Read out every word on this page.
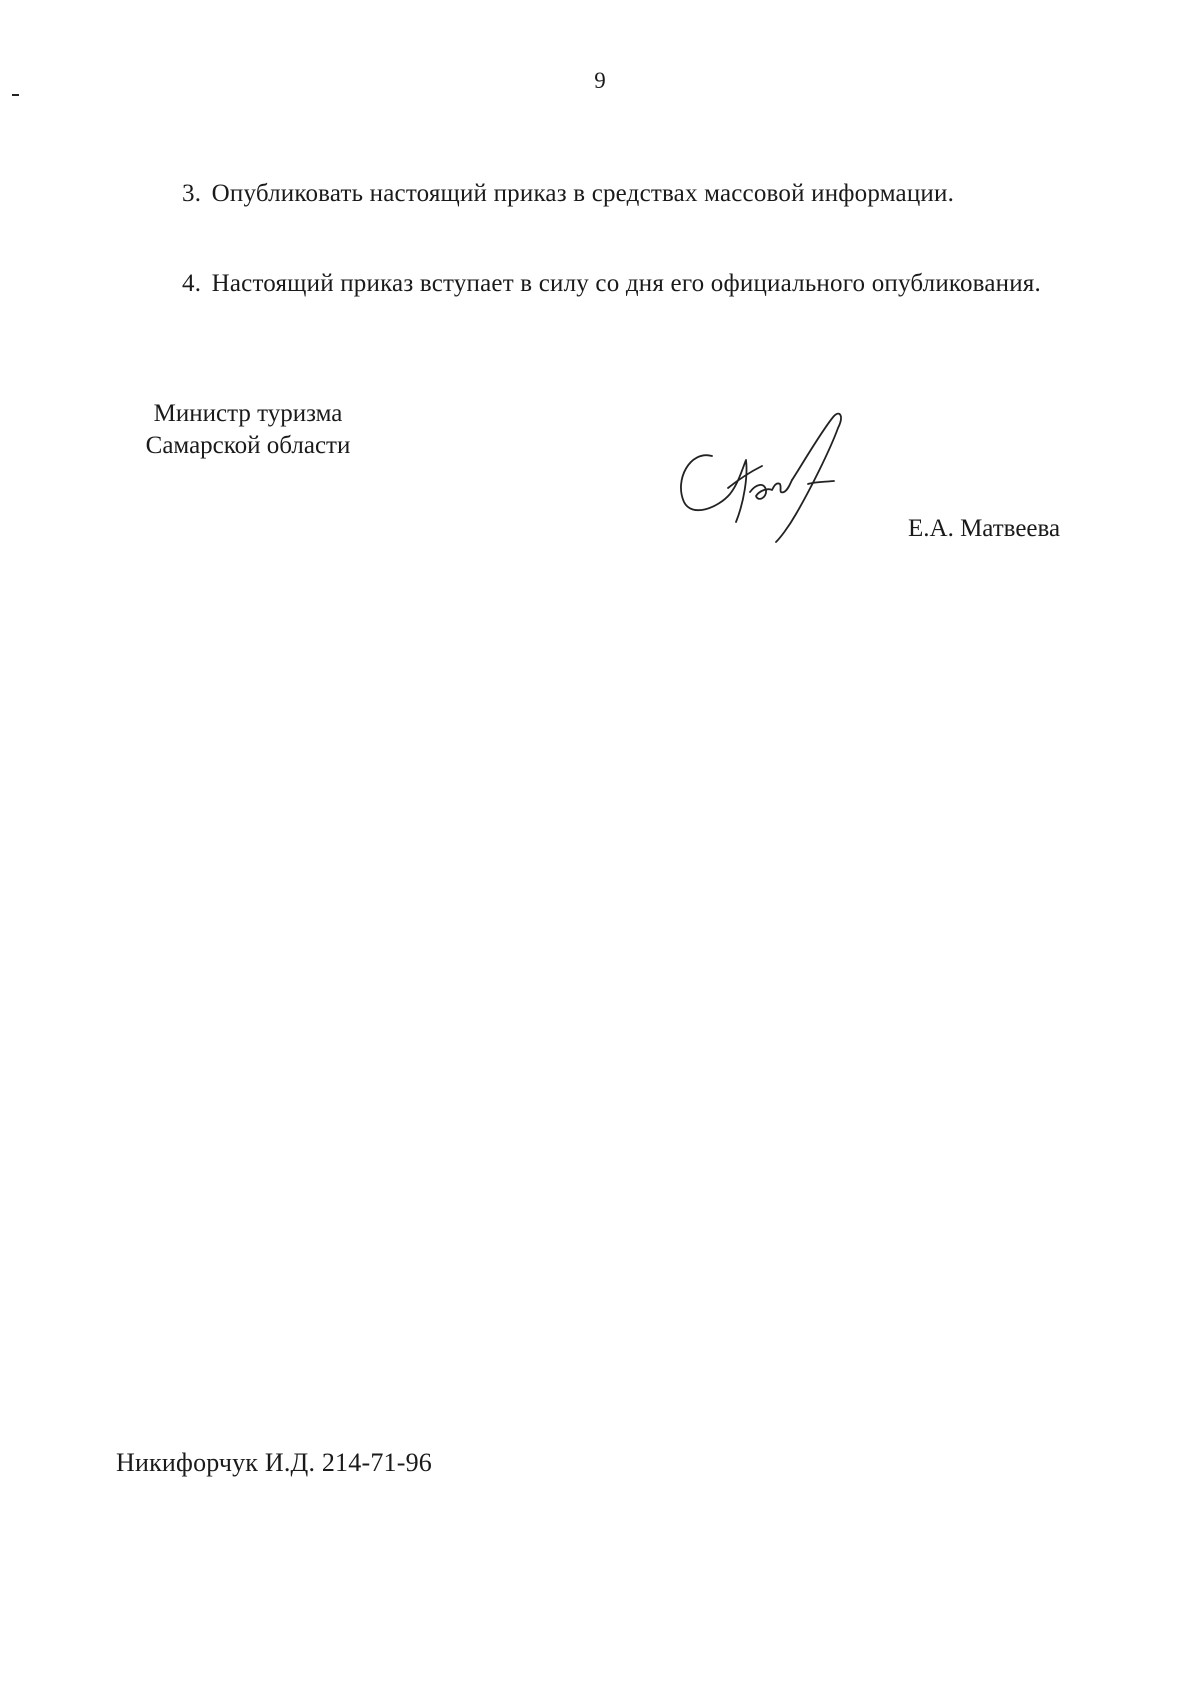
9

3. Опубликовать настоящий приказ в средствах массовой информации.

4. Настоящий приказ вступает в силу со дня его официального опубликования.

Министр туризма
Самарской области
Е.А. Матвеева
Никифорчук И.Д. 214-71-96
